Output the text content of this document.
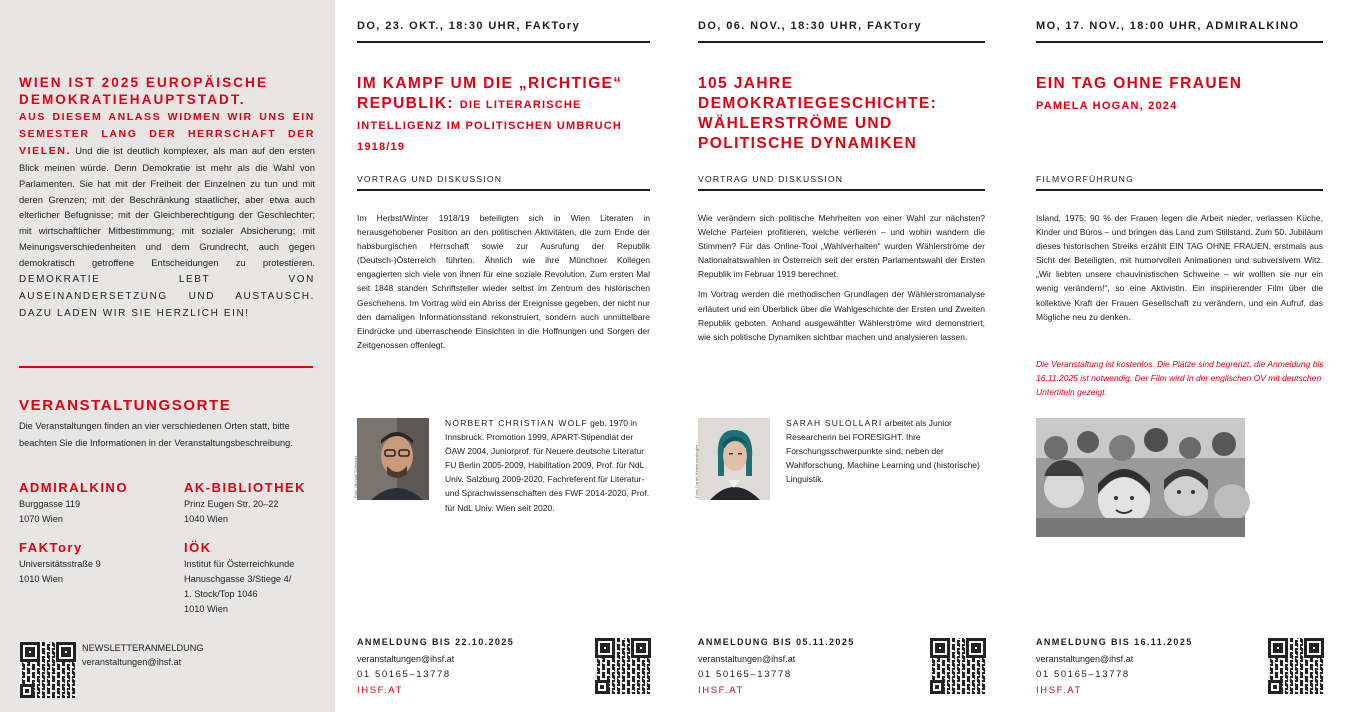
WIEN IST 2025 EUROPÄISCHE DEMOKRATIEHAUPTSTADT.
AUS DIESEM ANLASS WIDMEN WIR UNS EIN SEMESTER LANG DER HERRSCHAFT DER VIELEN. Und die ist deutlich komplexer, als man auf den ersten Blick meinen würde. Denn Demokratie ist mehr als die Wahl von Parlamenten. Sie hat mit der Freiheit der Einzelnen zu tun und mit deren Grenzen; mit der Beschränkung staatlicher, aber etwa auch elterlicher Befugnisse; mit der Gleichberechtigung der Geschlechter; mit wirtschaftlicher Mitbestimmung; mit sozialer Absicherung; mit Meinungsverschiedenheiten und dem Grundrecht, auch gegen demokratisch getroffene Entscheidungen zu protestieren. DEMOKRATIE LEBT VON AUSEINANDERSETZUNG UND AUSTAUSCH. DAZU LADEN WIR SIE HERZLICH EIN!
VERANSTALTUNGSORTE
Die Veranstaltungen finden an vier verschiedenen Orten statt, bitte beachten Sie die Informationen in der Veranstaltungsbeschreibung.
ADMIRALKINO
Burggasse 119
1070 Wien
AK-BIBLIOTHEK
Prinz Eugen Str. 20–22
1040 Wien
FAKTory
Universitätsstraße 9
1010 Wien
IÖK
Institut für Österreichkunde
Hanuschgasse 3/Stiege 4/
1. Stock/Top 1046
1010 Wien
NEWSLETTERANMELDUNG
veranstaltungen@ihsf.at
DO, 23. OKT., 18:30 UHR, FAKTory
IM KAMPF UM DIE „RICHTIGE“ REPUBLIK: DIE LITERARISCHE INTELLIGENZ IM POLITISCHEN UMBRUCH 1918/19
VORTRAG UND DISKUSSION

Im Herbst/Winter 1918/19 beteiligten sich in Wien Literaten in herausgehobener Position an den politischen Aktivitäten, die zum Ende der habsburgischen Herrschaft sowie zur Ausrufung der Republik (Deutsch-)Österreich führten. Ähnlich wie ihre Münchner Kollegen engagierten sich viele von ihnen für eine soziale Revolution. Zum ersten Mal seit 1848 standen Schriftsteller wieder selbst im Zentrum des historischen Geschehens. Im Vortrag wird ein Abriss der Ereignisse gegeben, der nicht nur den damaligen Informationsstand rekonstruiert, sondern auch unmittelbare Eindrücke und überraschende Einsichten in die Hoffnungen und Sorgen der Zeitgenossen offenlegt.

Foto: Michael Schreiner
NORBERT CHRISTIAN WOLF geb. 1970 in Innsbruck. Promotion 1999, APART-Stipendiat der ÖAW 2004, Juniorprof. für Neuere deutsche Literatur FU Berlin 2005-2009, Habilitation 2009, Prof. für NdL Univ. Salzburg 2009-2020, Fachreferent für Literatur- und Sprachwissenschaften des FWF 2014-2020, Prof. für NdL Univ. Wien seit 2020.
ANMELDUNG BIS 22.10.2025
veranstaltungen@ihsf.at
01 50165–13778
IHSF.AT
DO, 06. NOV., 18:30 UHR, FAKTory
105 JAHRE DEMOKRATIEGESCHICHTE: WÄHLERSTRÖME UND POLITISCHE DYNAMIKEN
VORTRAG UND DISKUSSION

Wie verändern sich politische Mehrheiten von einer Wahl zur nächsten? Welche Parteien profitieren, welche verlieren – und wohin wandern die Stimmen? Für das Online-Tool „Wahlverhalten“ wurden Wählerströme der Nationalratswahlen in Österreich seit der ersten Parlamentswahl der Ersten Republik im Februar 1919 berechnet.

Im Vortrag werden die methodischen Grundlagen der Wählerstromanalyse erläutert und ein Überblick über die Wahlgeschichte der Ersten und Zweiten Republik geboten. Anhand ausgewählter Wählerströme wird demonstriert, wie sich politische Dynamiken sichtbar machen und analysieren lassen.

Foto: Daniel Hinterramskogler
SARAH SULOLLARI arbeitet als Junior Researcherin bei FORESIGHT. Ihre Forschungsschwerpunkte sind, neben der Wahlforschung, Machine Learning und (historische) Linguistik.
ANMELDUNG BIS 05.11.2025
veranstaltungen@ihsf.at
01 50165–13778
IHSF.AT
MO, 17. NOV., 18:00 UHR, ADMIRALKINO
EIN TAG OHNE FRAUEN
PAMELA HOGAN, 2024
FILMVORFÜHRUNG

Island, 1975: 90 % der Frauen legen die Arbeit nieder, verlassen Küche, Kinder und Büros – und bringen das Land zum Stillstand. Zum 50. Jubiläum dieses historischen Streiks erzählt EIN TAG OHNE FRAUEN, erstmals aus Sicht der Beteiligten, mit humorvollen Animationen und subversivem Witz. „Wir liebten unsere chauvinistischen Schweine – wir wollten sie nur ein wenig verändern!“, so eine Aktivistin. Ein inspirierender Film über die kollektive Kraft der Frauen Gesellschaft zu verändern, und ein Aufruf, das Mögliche neu zu denken.

Die Veranstaltung ist kostenlos. Die Plätze sind begrenzt, die Anmeldung bis 16.11.2025 ist notwendig. Der Film wird in der englischen OV mit deutschen Untertiteln gezeigt.
ANMELDUNG BIS 16.11.2025
veranstaltungen@ihsf.at
01 50165–13778
IHSF.AT
